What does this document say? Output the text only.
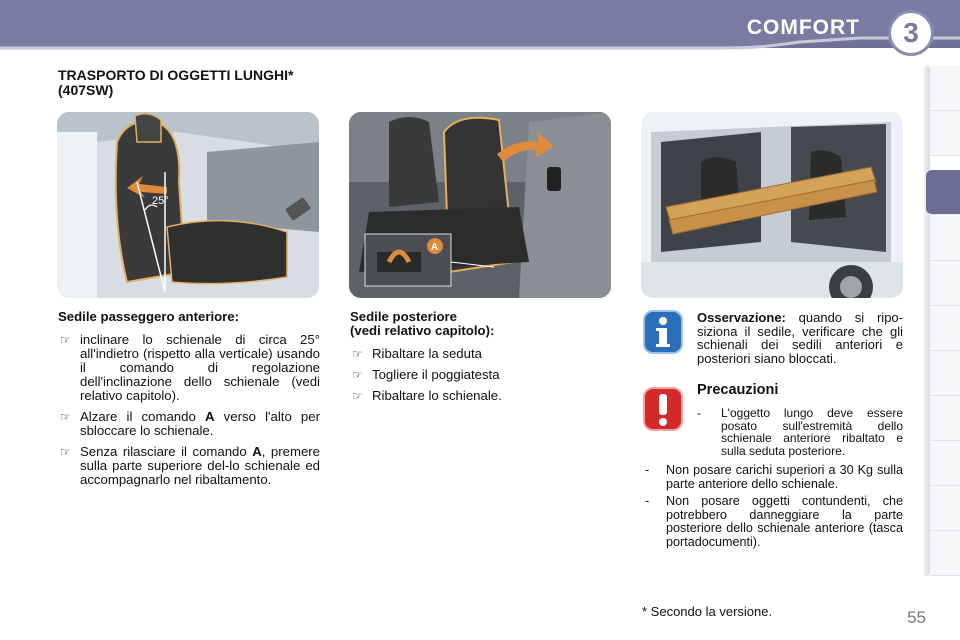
COMFORT	3
TRASPORTO DI OGGETTI LUNGHI*
(407SW)
25°
A
Sedile passeggero anteriore:
☞ inclinare lo schienale di circa 25° all'indietro (rispetto alla verticale) usando il comando di regolazione dell'inclinazione dello schienale (vedi relativo capitolo).
☞ Alzare il comando A verso l'alto per sbloccare lo schienale.
☞ Senza rilasciare il comando A, premere sulla parte superiore del-lo schienale ed accompagnarlo nel ribaltamento.
Sedile posteriore
(vedi relativo capitolo):
☞ Ribaltare la seduta
☞ Togliere il poggiatesta
☞ Ribaltare lo schienale.
Osservazione: quando si ripo-siziona il sedile, verificare che gli schienali dei sedili anteriori e posteriori siano bloccati.
Precauzioni
- L'oggetto lungo deve essere posato sull'estremità dello schienale anteriore ribaltato e sulla seduta posteriore.
- Non posare carichi superiori a 30 Kg sulla parte anteriore dello schienale.
- Non posare oggetti contundenti, che potrebbero danneggiare la parte posteriore dello schienale anteriore (tasca portadocumenti).
* Secondo la versione.	55
